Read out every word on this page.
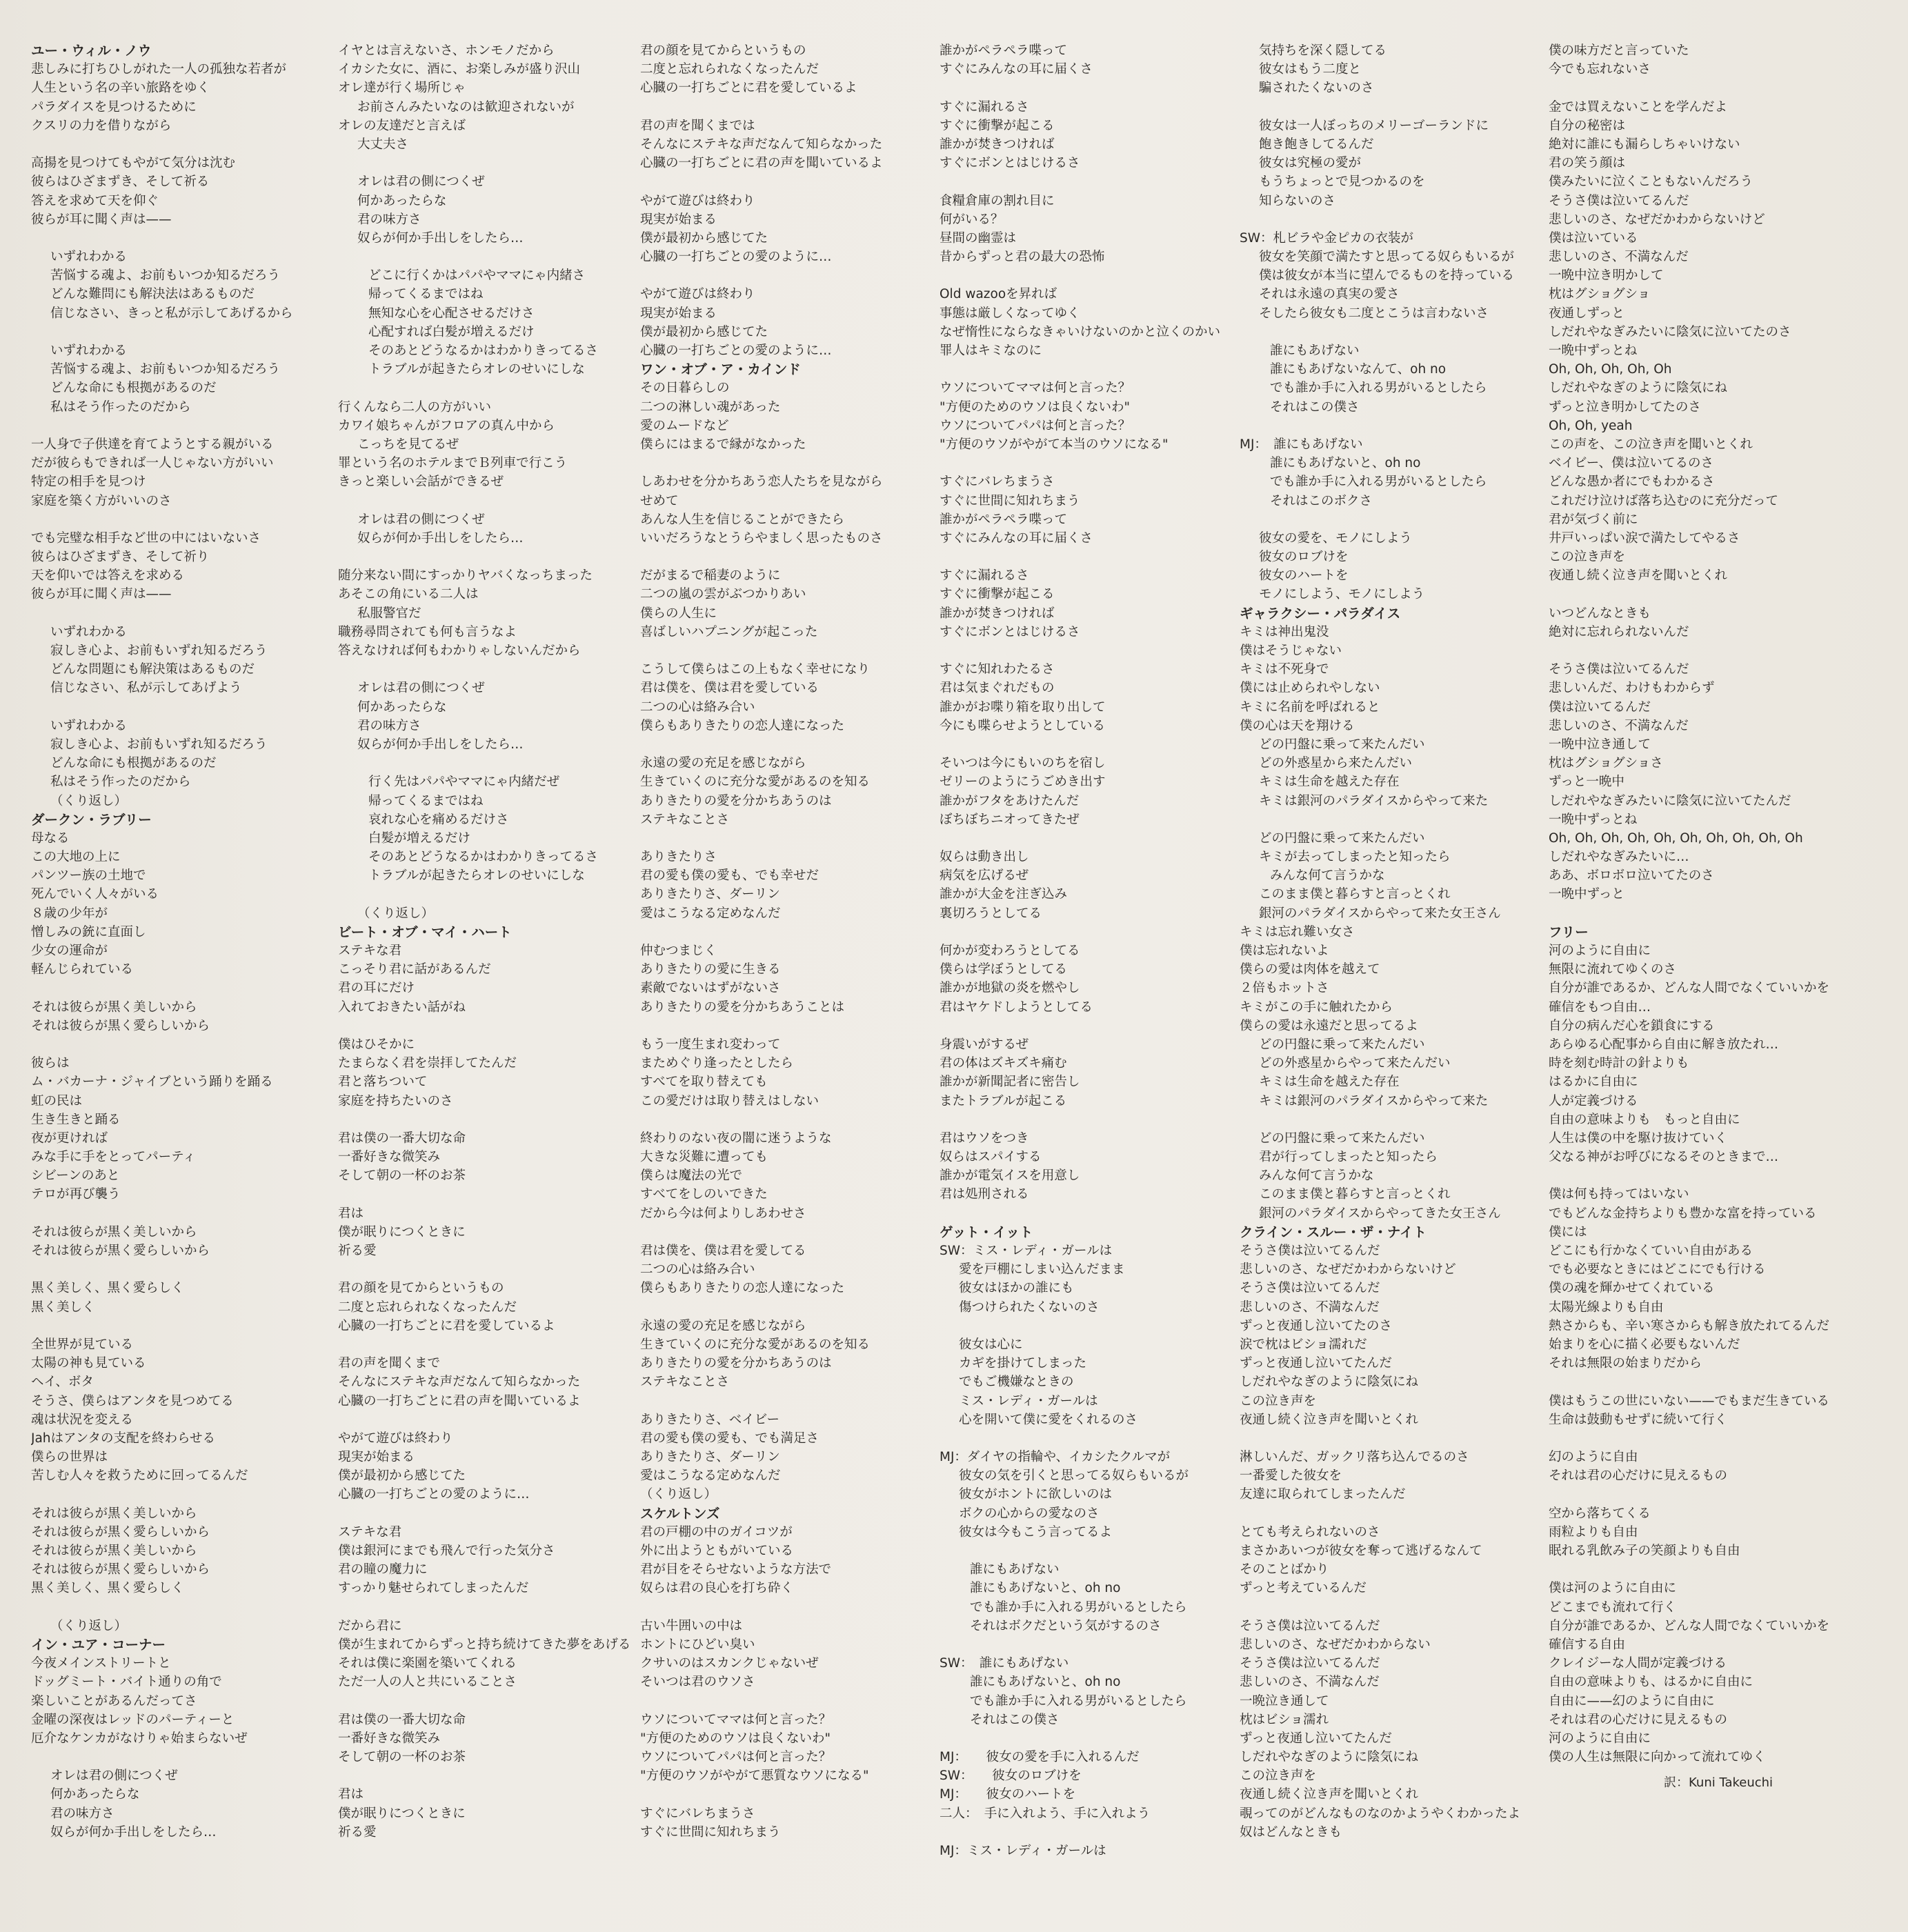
ユー・ウィル・ノウ
悲しみに打ちひしがれた一人の孤独な若者が
人生という名の辛い旅路をゆく
パラダイスを見つけるために
クスリの力を借りながら
高揚を見つけてもやがて気分は沈む
彼らはひざまずき、そして祈る
答えを求めて天を仰ぐ
彼らが耳に聞く声は——
いずれわかる
苦悩する魂よ、お前もいつか知るだろう
どんな難問にも解決法はあるものだ
信じなさい、きっと私が示してあげるから
いずれわかる
苦悩する魂よ、お前もいつか知るだろう
どんな命にも根拠があるのだ
私はそう作ったのだから
一人身で子供達を育てようとする親がいる
だが彼らもできれば一人じゃない方がいい
特定の相手を見つけ
家庭を築く方がいいのさ
でも完璧な相手など世の中にはいないさ
彼らはひざまずき、そして祈り
天を仰いでは答えを求める
彼らが耳に聞く声は——
いずれわかる
寂しき心よ、お前もいずれ知るだろう
どんな問題にも解決策はあるものだ
信じなさい、私が示してあげよう
いずれわかる
寂しき心よ、お前もいずれ知るだろう
どんな命にも根拠があるのだ
私はそう作ったのだから
（くり返し）
ダークン・ラブリー
母なる
この大地の上に
パンツー族の土地で
死んでいく人々がいる
８歳の少年が
憎しみの銃に直面し
少女の運命が
軽んじられている
それは彼らが黒く美しいから
それは彼らが黒く愛らしいから
彼らは
ム・バカーナ・ジャイブという踊りを踊る
虹の民は
生き生きと踊る
夜が更ければ
みな手に手をとってパーティ
シビーンのあと
テロが再び襲う
それは彼らが黒く美しいから
それは彼らが黒く愛らしいから
黒く美しく、黒く愛らしく
黒く美しく
全世界が見ている
太陽の神も見ている
ヘイ、ボタ
そうさ、僕らはアンタを見つめてる
魂は状況を変える
Jahはアンタの支配を終わらせる
僕らの世界は
苦しむ人々を救うために回ってるんだ
それは彼らが黒く美しいから
それは彼らが黒く愛らしいから
それは彼らが黒く美しいから
それは彼らが黒く愛らしいから
黒く美しく、黒く愛らしく
（くり返し）
イン・ユア・コーナー
今夜メインストリートと
ドッグミート・バイト通りの角で
楽しいことがあるんだってさ
金曜の深夜はレッドのパーティーと
厄介なケンカがなけりゃ始まらないぜ
オレは君の側につくぜ
何かあったらな
君の味方さ
奴らが何か手出しをしたら…
イヤとは言えないさ、ホンモノだから
イカシた女に、酒に、お楽しみが盛り沢山
オレ達が行く場所じゃ
お前さんみたいなのは歓迎されないが
オレの友達だと言えば
大丈夫さ
オレは君の側につくぜ
何かあったらな
君の味方さ
奴らが何か手出しをしたら…
どこに行くかはパパやママにゃ内緒さ
帰ってくるまではね
無知な心を心配させるだけさ
心配すれば白髪が増えるだけ
そのあとどうなるかはわかりきってるさ
トラブルが起きたらオレのせいにしな
行くんなら二人の方がいい
カワイ娘ちゃんがフロアの真ん中から
こっちを見てるぜ
罪という名のホテルまでＢ列車で行こう
きっと楽しい会話ができるぜ
オレは君の側につくぜ
奴らが何か手出しをしたら…
随分来ない間にすっかりヤバくなっちまった
あそこの角にいる二人は
私服警官だ
職務尋問されても何も言うなよ
答えなければ何もわかりゃしないんだから
オレは君の側につくぜ
何かあったらな
君の味方さ
奴らが何か手出しをしたら…
行く先はパパやママにゃ内緒だぜ
帰ってくるまではね
哀れな心を痛めるだけさ
白髪が増えるだけ
そのあとどうなるかはわかりきってるさ
トラブルが起きたらオレのせいにしな
（くり返し）
ビート・オブ・マイ・ハート
ステキな君
こっそり君に話があるんだ
君の耳にだけ
入れておきたい話がね
僕はひそかに
たまらなく君を崇拝してたんだ
君と落ちついて
家庭を持ちたいのさ
君は僕の一番大切な命
一番好きな微笑み
そして朝の一杯のお茶
君は
僕が眠りにつくときに
祈る愛
君の顔を見てからというもの
二度と忘れられなくなったんだ
心臓の一打ちごとに君を愛しているよ
君の声を聞くまで
そんなにステキな声だなんて知らなかった
心臓の一打ちごとに君の声を聞いているよ
やがて遊びは終わり
現実が始まる
僕が最初から感じてた
心臓の一打ちごとの愛のように…
ステキな君
僕は銀河にまでも飛んで行った気分さ
君の瞳の魔力に
すっかり魅せられてしまったんだ
だから君に
僕が生まれてからずっと持ち続けてきた夢をあげる
それは僕に楽園を築いてくれる
ただ一人の人と共にいることさ
君は僕の一番大切な命
一番好きな微笑み
そして朝の一杯のお茶
君は
僕が眠りにつくときに
祈る愛
君の顔を見てからというもの
二度と忘れられなくなったんだ
心臓の一打ちごとに君を愛しているよ
君の声を聞くまでは
そんなにステキな声だなんて知らなかった
心臓の一打ちごとに君の声を聞いているよ
やがて遊びは終わり
現実が始まる
僕が最初から感じてた
心臓の一打ちごとの愛のように…
やがて遊びは終わり
現実が始まる
僕が最初から感じてた
心臓の一打ちごとの愛のように…
ワン・オブ・ア・カインド
その日暮らしの
二つの淋しい魂があった
愛のムードなど
僕らにはまるで縁がなかった
しあわせを分かちあう恋人たちを見ながら
せめて
あんな人生を信じることができたら
いいだろうなとうらやましく思ったものさ
だがまるで稲妻のように
二つの嵐の雲がぶつかりあい
僕らの人生に
喜ばしいハプニングが起こった
こうして僕らはこの上もなく幸せになり
君は僕を、僕は君を愛している
二つの心は絡み合い
僕らもありきたりの恋人達になった
永遠の愛の充足を感じながら
生きていくのに充分な愛があるのを知る
ありきたりの愛を分かちあうのは
ステキなことさ
ありきたりさ
君の愛も僕の愛も、でも幸せだ
ありきたりさ、ダーリン
愛はこうなる定めなんだ
仲むつまじく
ありきたりの愛に生きる
素敵でないはずがないさ
ありきたりの愛を分かちあうことは
もう一度生まれ変わって
まためぐり逢ったとしたら
すべてを取り替えても
この愛だけは取り替えはしない
終わりのない夜の闇に迷うような
大きな災難に遭っても
僕らは魔法の光で
すべてをしのいできた
だから今は何よりしあわせさ
君は僕を、僕は君を愛してる
二つの心は絡み合い
僕らもありきたりの恋人達になった
永遠の愛の充足を感じながら
生きていくのに充分な愛があるのを知る
ありきたりの愛を分かちあうのは
ステキなことさ
ありきたりさ、ベイビー
君の愛も僕の愛も、でも満足さ
ありきたりさ、ダーリン
愛はこうなる定めなんだ
（くり返し）
スケルトンズ
君の戸棚の中のガイコツが
外に出ようともがいている
君が目をそらせないような方法で
奴らは君の良心を打ち砕く
古い牛囲いの中は
ホントにひどい臭い
クサいのはスカンクじゃないぜ
そいつは君のウソさ
ウソについてママは何と言った？
"方便のためのウソは良くないわ"
ウソについてパパは何と言った？
"方便のウソがやがて悪質なウソになる"
すぐにバレちまうさ
すぐに世間に知れちまう
誰かがペラペラ喋って
すぐにみんなの耳に届くさ
すぐに漏れるさ
すぐに衝撃が起こる
誰かが焚きつければ
すぐにボンとはじけるさ
食糧倉庫の割れ目に
何がいる？
昼間の幽霊は
昔からずっと君の最大の恐怖
Old wazooを昇れば
事態は厳しくなってゆく
なぜ惰性にならなきゃいけないのかと泣くのかい
罪人はキミなのに
ウソについてママは何と言った？
"方便のためのウソは良くないわ"
ウソについてパパは何と言った？
"方便のウソがやがて本当のウソになる"
すぐにバレちまうさ
すぐに世間に知れちまう
誰かがペラペラ喋って
すぐにみんなの耳に届くさ
すぐに漏れるさ
すぐに衝撃が起こる
誰かが焚きつければ
すぐにボンとはじけるさ
すぐに知れわたるさ
君は気まぐれだもの
誰かがお喋り箱を取り出して
今にも喋らせようとしている
そいつは今にもいのちを宿し
ゼリーのようにうごめき出す
誰かがフタをあけたんだ
ぼちぼちニオってきたぜ
奴らは動き出し
病気を広げるぜ
誰かが大金を注ぎ込み
裏切ろうとしてる
何かが変わろうとしてる
僕らは学ぼうとしてる
誰かが地獄の炎を燃やし
君はヤケドしようとしてる
身震いがするぜ
君の体はズキズキ痛む
誰かが新聞記者に密告し
またトラブルが起こる
君はウソをつき
奴らはスパイする
誰かが電気イスを用意し
君は処刑される
ゲット・イット
SW：ミス・レディ・ガールは
愛を戸棚にしまい込んだまま
彼女はほかの誰にも
傷つけられたくないのさ
彼女は心に
カギを掛けてしまった
でもご機嫌なときの
ミス・レディ・ガールは
心を開いて僕に愛をくれるのさ
MJ：ダイヤの指輪や、イカシたクルマが
彼女の気を引くと思ってる奴らもいるが
彼女がホントに欲しいのは
ボクの心からの愛なのさ
彼女は今もこう言ってるよ
誰にもあげない
誰にもあげないと、oh no
でも誰か手に入れる男がいるとしたら
それはボクだという気がするのさ
SW：　誰にもあげない
誰にもあげないと、oh no
でも誰か手に入れる男がいるとしたら
それはこの僕さ
MJ：　　彼女の愛を手に入れるんだ
SW：　　彼女のロブけを
MJ：　　彼女のハートを
二人：　手に入れよう、手に入れよう
MJ：ミス・レディ・ガールは
気持ちを深く隠してる
彼女はもう二度と
騙されたくないのさ
彼女は一人ぼっちのメリーゴーランドに
飽き飽きしてるんだ
彼女は究極の愛が
もうちょっとで見つかるのを
知らないのさ
SW：札ビラや金ピカの衣装が
彼女を笑顔で満たすと思ってる奴らもいるが
僕は彼女が本当に望んでるものを持っている
それは永遠の真実の愛さ
そしたら彼女も二度とこうは言わないさ
誰にもあげない
誰にもあげないなんて、oh no
でも誰か手に入れる男がいるとしたら
それはこの僕さ
MJ：　誰にもあげない
誰にもあげないと、oh no
でも誰か手に入れる男がいるとしたら
それはこのボクさ
彼女の愛を、モノにしよう
彼女のロブけを
彼女のハートを
モノにしよう、モノにしよう
ギャラクシー・パラダイス
キミは神出鬼没
僕はそうじゃない
キミは不死身で
僕には止められやしない
キミに名前を呼ばれると
僕の心は天を翔ける
どの円盤に乗って来たんだい
どの外惑星から来たんだい
キミは生命を越えた存在
キミは銀河のパラダイスからやって来た
どの円盤に乗って来たんだい
キミが去ってしまったと知ったら
みんな何て言うかな
このまま僕と暮らすと言っとくれ
銀河のパラダイスからやって来た女王さん
キミは忘れ難い女さ
僕は忘れないよ
僕らの愛は肉体を越えて
２倍もホットさ
キミがこの手に触れたから
僕らの愛は永遠だと思ってるよ
どの円盤に乗って来たんだい
どの外惑星からやって来たんだい
キミは生命を越えた存在
キミは銀河のパラダイスからやって来た
どの円盤に乗って来たんだい
君が行ってしまったと知ったら
みんな何て言うかな
このまま僕と暮らすと言っとくれ
銀河のパラダイスからやってきた女王さん
クライン・スルー・ザ・ナイト
そうさ僕は泣いてるんだ
悲しいのさ、なぜだかわからないけど
そうさ僕は泣いてるんだ
悲しいのさ、不満なんだ
ずっと夜通し泣いてたのさ
涙で枕はビショ濡れだ
ずっと夜通し泣いてたんだ
しだれやなぎのように陰気にね
この泣き声を
夜通し続く泣き声を聞いとくれ
淋しいんだ、ガックリ落ち込んでるのさ
一番愛した彼女を
友達に取られてしまったんだ
とても考えられないのさ
まさかあいつが彼女を奪って逃げるなんて
そのことばかり
ずっと考えているんだ
そうさ僕は泣いてるんだ
悲しいのさ、なぜだかわからない
そうさ僕は泣いてるんだ
悲しいのさ、不満なんだ
一晩泣き通して
枕はビショ濡れ
ずっと夜通し泣いてたんだ
しだれやなぎのように陰気にね
この泣き声を
夜通し続く泣き声を聞いとくれ
覗ってのがどんなものなのかようやくわかったよ
奴はどんなときも
僕の味方だと言っていた
今でも忘れないさ
金では買えないことを学んだよ
自分の秘密は
絶対に誰にも漏らしちゃいけない
君の笑う顔は
僕みたいに泣くこともないんだろう
そうさ僕は泣いてるんだ
悲しいのさ、なぜだかわからないけど
僕は泣いている
悲しいのさ、不満なんだ
一晩中泣き明かして
枕はグショグショ
夜通しずっと
しだれやなぎみたいに陰気に泣いてたのさ
一晩中ずっとね
Oh, Oh, Oh, Oh, Oh
しだれやなぎのように陰気にね
ずっと泣き明かしてたのさ
Oh, Oh, yeah
この声を、この泣き声を聞いとくれ
ベイビー、僕は泣いてるのさ
どんな愚か者にでもわかるさ
これだけ泣けば落ち込むのに充分だって
君が気づく前に
井戸いっぱい涙で満たしてやるさ
この泣き声を
夜通し続く泣き声を聞いとくれ
いつどんなときも
絶対に忘れられないんだ
そうさ僕は泣いてるんだ
悲しいんだ、わけもわからず
僕は泣いてるんだ
悲しいのさ、不満なんだ
一晩中泣き通して
枕はグショグショさ
ずっと一晩中
しだれやなぎみたいに陰気に泣いてたんだ
一晩中ずっとね
Oh, Oh, Oh, Oh, Oh, Oh, Oh, Oh, Oh, Oh
しだれやなぎみたいに…
ああ、ボロボロ泣いてたのさ
一晩中ずっと
フリー
河のように自由に
無限に流れてゆくのさ
自分が誰であるか、どんな人間でなくていいかを
確信をもつ自由…
自分の病んだ心を鎖食にする
あらゆる心配事から自由に解き放たれ…
時を刻む時計の針よりも
はるかに自由に
人が定義づける
自由の意味よりも　もっと自由に
人生は僕の中を駆け抜けていく
父なる神がお呼びになるそのときまで…
僕は何も持ってはいない
でもどんな金持ちよりも豊かな富を持っている
僕には
どこにも行かなくていい自由がある
でも必要なときにはどこにでも行ける
僕の魂を輝かせてくれている
太陽光線よりも自由
熱さからも、辛い寒さからも解き放たれてるんだ
始まりを心に描く必要もないんだ
それは無限の始まりだから
僕はもうこの世にいない——でもまだ生きている
生命は鼓動もせずに続いて行く
幻のように自由
それは君の心だけに見えるもの
空から落ちてくる
雨粒よりも自由
眠れる乳飲み子の笑顔よりも自由
僕は河のように自由に
どこまでも流れて行く
自分が誰であるか、どんな人間でなくていいかを
確信する自由
クレイジーな人間が定義づける
自由の意味よりも、はるかに自由に
自由に——幻のように自由に
それは君の心だけに見えるもの
河のように自由に
僕の人生は無限に向かって流れてゆく
訳：Kuni Takeuchi
